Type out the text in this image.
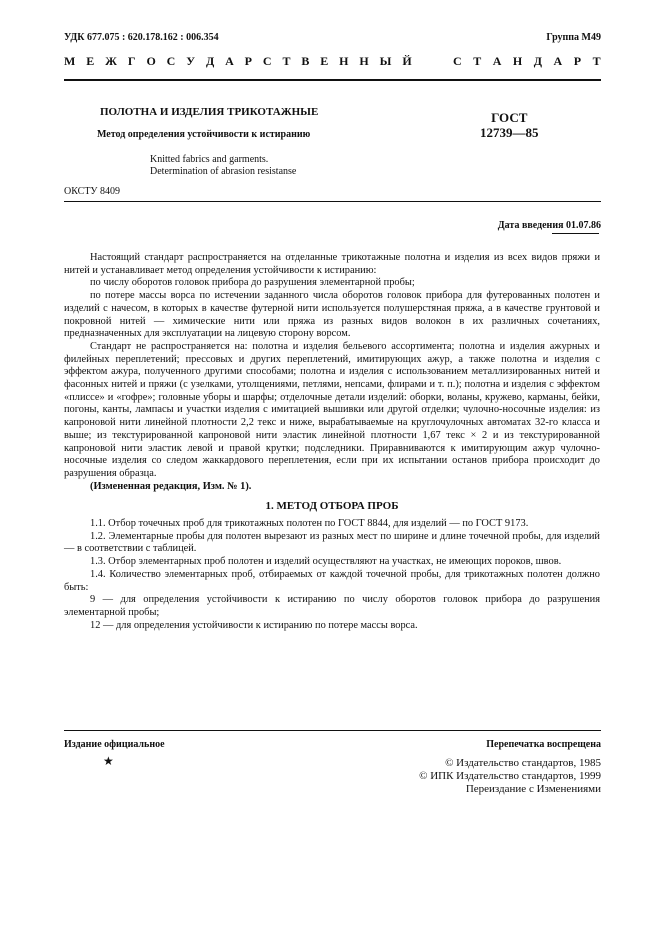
УДК 677.075 : 620.178.162 : 006.354	Группа М49
М Е Ж Г О С У Д А Р С Т В Е Н Н Ы Й	С Т А Н Д А Р Т
ПОЛОТНА И ИЗДЕЛИЯ ТРИКОТАЖНЫЕ
Метод определения устойчивости к истиранию
ГОСТ
12739—85
Knitted fabrics and garments.
Determination of abrasion resistanse
ОКСТУ 8409
Дата введения 01.07.86

Настоящий стандарт распространяется на отделанные трикотажные полотна и изделия из всех видов пряжи и нитей и устанавливает метод определения устойчивости к истиранию:

по числу оборотов головок прибора до разрушения элементарной пробы;

по потере массы ворса по истечении заданного числа оборотов головок прибора для футерованных полотен и изделий с начесом, в которых в качестве футерной нити используется полушерстяная пряжа, а в качестве грунтовой и покровной нитей — химические нити или пряжа из разных видов волокон в их различных сочетаниях, предназначенных для эксплуатации на лицевую сторону ворсом.

Стандарт не распространяется на: полотна и изделия бельевого ассортимента; полотна и изделия ажурных и филейных переплетений; прессовых и других переплетений, имитирующих ажур, а также полотна и изделия с эффектом ажура, полученного другими способами; полотна и изделия с использованием металлизированных нитей и фасонных нитей и пряжи (с узелками, утолщениями, петлями, непсами, флирами и т. п.); полотна и изделия с эффектом «плиссе» и «гофре»; головные уборы и шарфы; отделочные детали изделий: оборки, воланы, кружево, карманы, бейки, погоны, канты, лампасы и участки изделия с имитацией вышивки или другой отделки; чулочно-носочные изделия: из капроновой нити линейной плотности 2,2 текс и ниже, вырабатываемые на круглочулочных автоматах 32-го класса и выше; из текстурированной капроновой нити эластик линейной плотности 1,67 текс × 2 и из текстурированной капроновой нити эластик левой и правой крутки; подследники. Приравниваются к имитирующим ажур чулочно-носочные изделия со следом жаккардового переплетения, если при их испытании останов прибора происходит до разрушения образца.

(Измененная редакция, Изм. № 1).

1. МЕТОД ОТБОРА ПРОБ

1.1. Отбор точечных проб для трикотажных полотен по ГОСТ 8844, для изделий — по ГОСТ 9173.

1.2. Элементарные пробы для полотен вырезают из разных мест по ширине и длине точечной пробы, для изделий — в соответствии с таблицей.

1.3. Отбор элементарных проб полотен и изделий осуществляют на участках, не имеющих пороков, швов.

1.4. Количество элементарных проб, отбираемых от каждой точечной пробы, для трикотажных полотен должно быть:

9 — для определения устойчивости к истиранию по числу оборотов головок прибора до разрушения элементарной пробы;

12 — для определения устойчивости к истиранию по потере массы ворса.

Издание официальное	Перепечатка воспрещена
★	© Издательство стандартов, 1985
© ИПК Издательство стандартов, 1999
Переиздание с Изменениями
